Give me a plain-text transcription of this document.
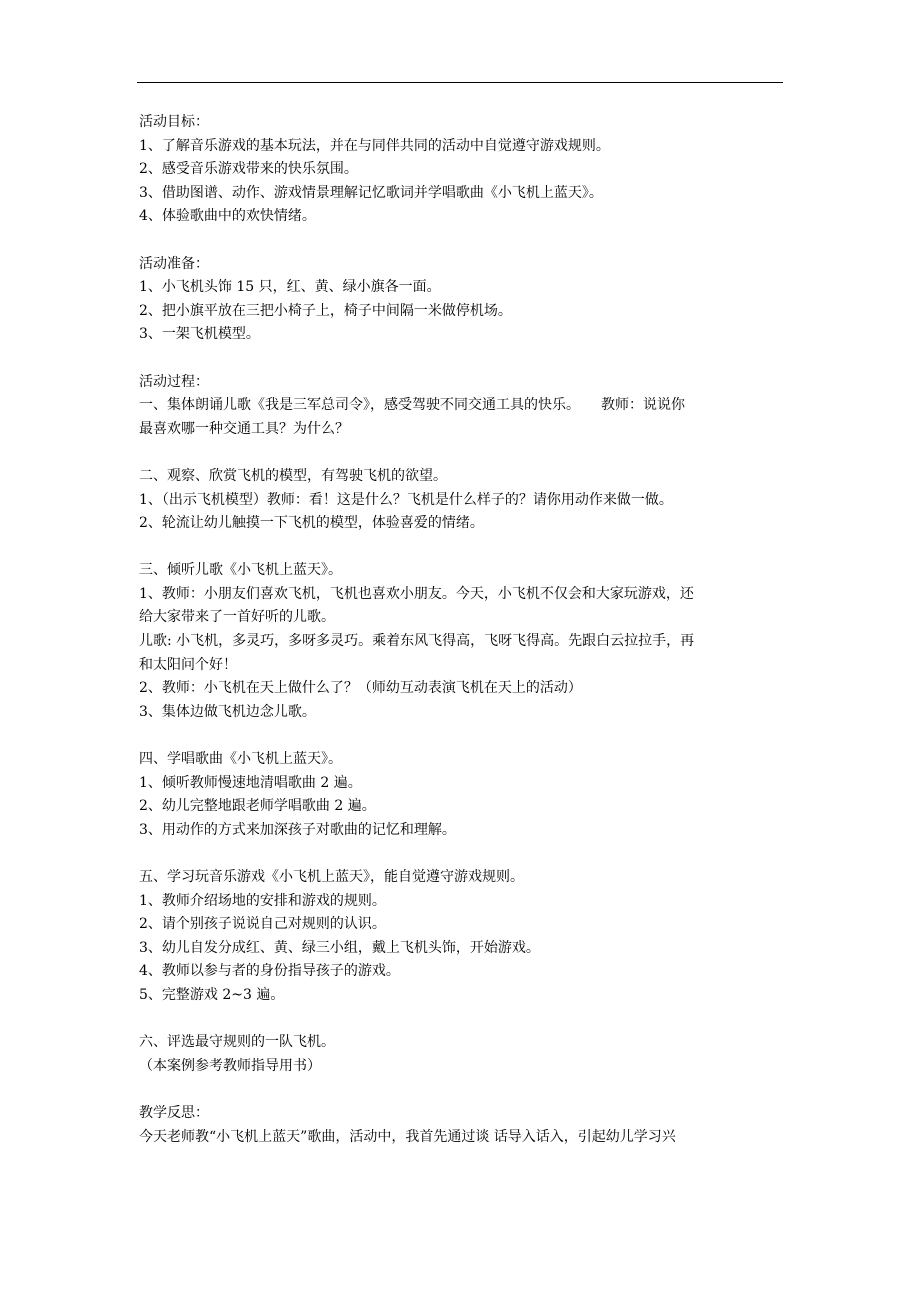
活动目标：
1、了解音乐游戏的基本玩法，并在与同伴共同的活动中自觉遵守游戏规则。
2、感受音乐游戏带来的快乐氛围。
3、借助图谱、动作、游戏情景理解记忆歌词并学唱歌曲《小飞机上蓝天》。
4、体验歌曲中的欢快情绪。
活动准备：
1、小飞机头饰 15 只，红、黄、绿小旗各一面。
2、把小旗平放在三把小椅子上，椅子中间隔一米做停机场。
3、一架飞机模型。
活动过程：
一、集体朗诵儿歌《我是三军总司令》，感受驾驶不同交通工具的快乐。　　教师：说说你
最喜欢哪一种交通工具？为什么？
二、观察、欣赏飞机的模型，有驾驶飞机的欲望。
1、（出示飞机模型）教师：看！这是什么？飞机是什么样子的？请你用动作来做一做。
2、轮流让幼儿触摸一下飞机的模型，体验喜爱的情绪。
三、倾听儿歌《小飞机上蓝天》。
1、教师：小朋友们喜欢飞机，飞机也喜欢小朋友。今天，小飞机不仅会和大家玩游戏，还
给大家带来了一首好听的儿歌。
儿歌: 小飞机，多灵巧，多呀多灵巧。乘着东风飞得高，飞呀飞得高。先跟白云拉拉手，再
和太阳问个好！
2、教师：小飞机在天上做什么了？（师幼互动表演飞机在天上的活动）
3、集体边做飞机边念儿歌。
四、学唱歌曲《小飞机上蓝天》。
1、倾听教师慢速地清唱歌曲 2 遍。
2、幼儿完整地跟老师学唱歌曲 2 遍。
3、用动作的方式来加深孩子对歌曲的记忆和理解。
五、学习玩音乐游戏《小飞机上蓝天》，能自觉遵守游戏规则。
1、教师介绍场地的安排和游戏的规则。
2、请个别孩子说说自己对规则的认识。
3、幼儿自发分成红、黄、绿三小组，戴上飞机头饰，开始游戏。
4、教师以参与者的身份指导孩子的游戏。
5、完整游戏 2~3 遍。
六、评选最守规则的一队飞机。
（本案例参考教师指导用书）
教学反思：
今天老师教“小飞机上蓝天”歌曲，活动中，我首先通过谈 话导入话入，引起幼儿学习兴
